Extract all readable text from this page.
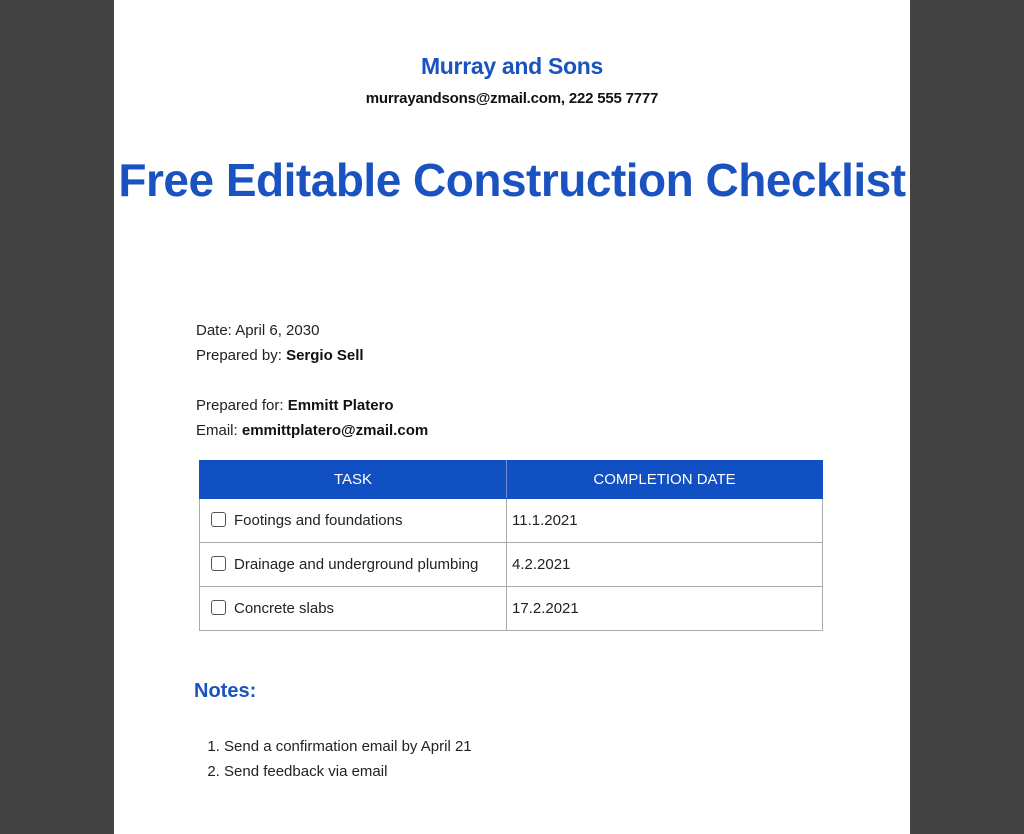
Murray and Sons
murrayandsons@zmail.com, 222 555 7777
Free Editable Construction Checklist
Date: April 6, 2030
Prepared by: Sergio Sell
Prepared for: Emmitt Platero
Email: emmittplatero@zmail.com
TASK	COMPLETION DATE
Footings and foundations	11.1.2021
Drainage and underground plumbing	4.2.2021
Concrete slabs	17.2.2021
Notes:
1. Send a confirmation email by April 21
2. Send feedback via email
